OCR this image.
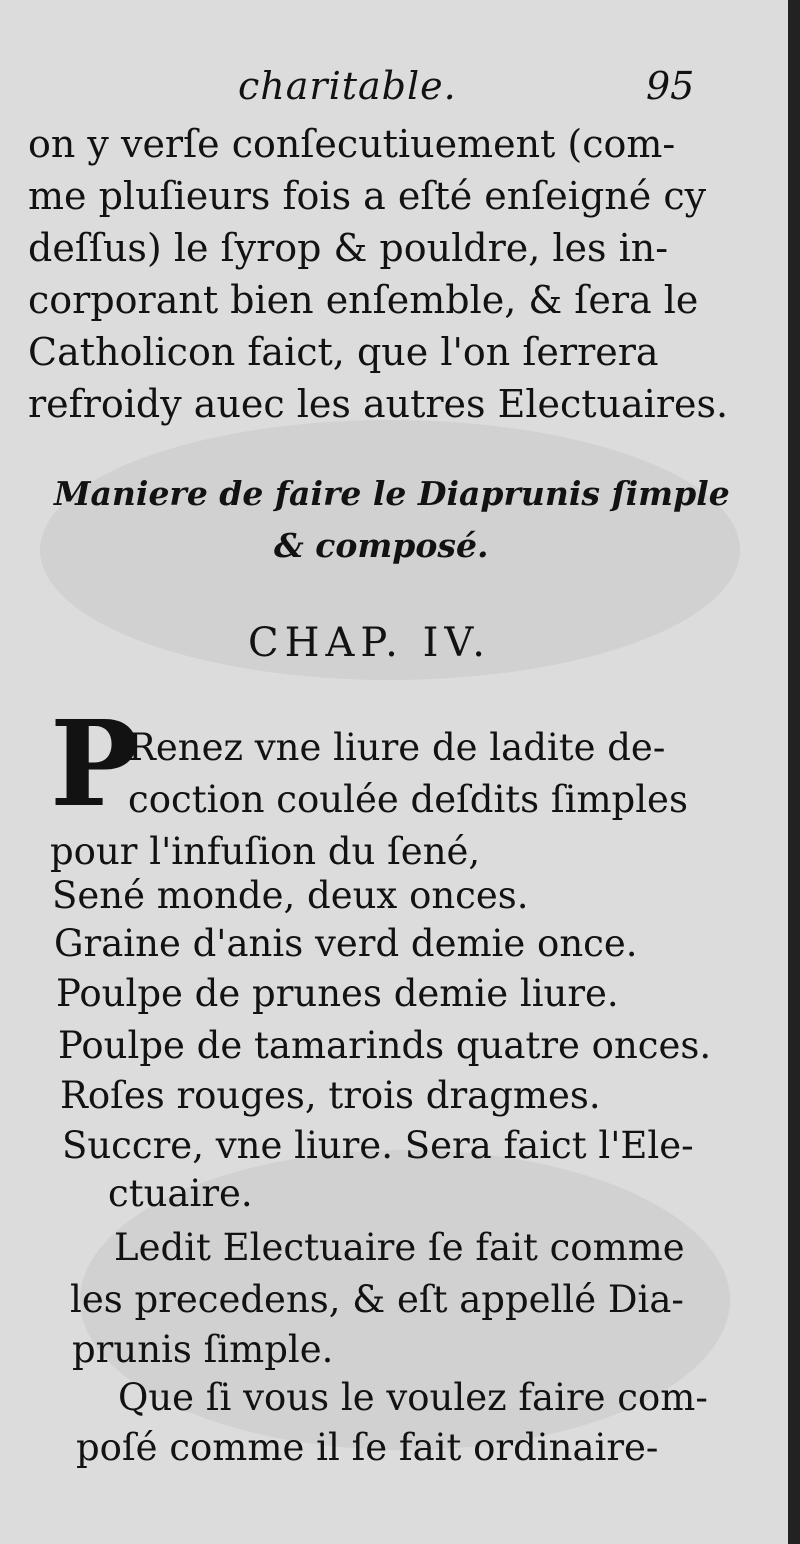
charitable.	95
on y verſe conſecutiuement (com-
me pluſieurs fois a eſté enſeigné cy
deſſus) le ſyrop & pouldre, les in-
corporant bien enſemble, & ſera le
Catholicon faict, que l'on ſerrera
refroidy auec les autres Electuaires.
Maniere de faire le Diaprunis ſimple
& composé.
CHAP. IV.
P
Renez vne liure de ladite de-
coction coulée deſdits ſimples
pour l'infuſion du ſené,
Sené monde, deux onces.
Graine d'anis verd demie once.
Poulpe de prunes demie liure.
Poulpe de tamarinds quatre onces.
Roſes rouges, trois dragmes.
Succre, vne liure. Sera faict l'Ele-
ctuaire.
Ledit Electuaire ſe fait comme
les precedens, & eſt appellé Dia-
prunis ſimple.
Que ſi vous le voulez faire com-
poſé comme il ſe fait ordinaire-
